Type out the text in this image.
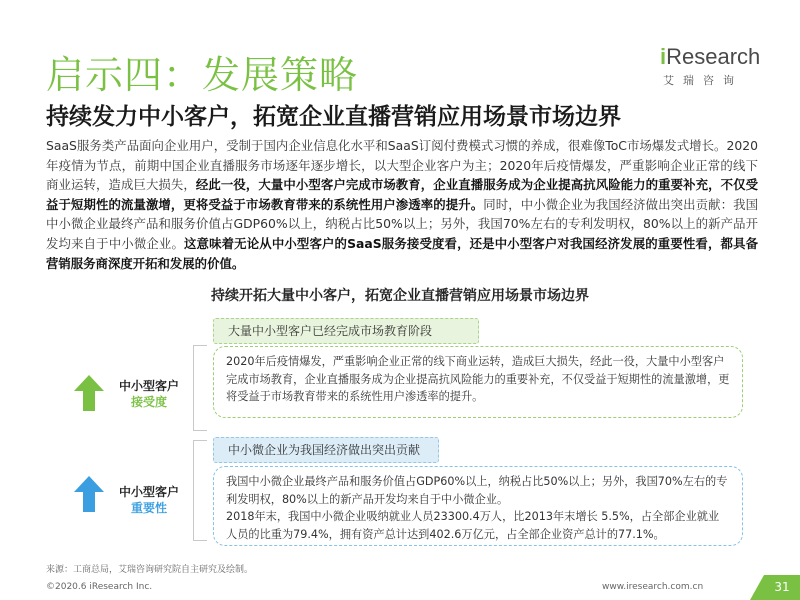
启示四：发展策略	iResearch
艾瑞咨询
持续发力中小客户，拓宽企业直播营销应用场景市场边界
SaaS服务类产品面向企业用户，受制于国内企业信息化水平和SaaS订阅付费模式习惯的养成，很难像ToC市场爆发式增长。2020年疫情为节点，前期中国企业直播服务市场逐年逐步增长，以大型企业客户为主；2020年后疫情爆发，严重影响企业正常的线下商业运转，造成巨大损失，经此一役，大量中小型客户完成市场教育，企业直播服务成为企业提高抗风险能力的重要补充，不仅受益于短期性的流量激增，更将受益于市场教育带来的系统性用户渗透率的提升。同时，中小微企业为我国经济做出突出贡献：我国中小微企业最终产品和服务价值占GDP60%以上，纳税占比50%以上；另外，我国70%左右的专利发明权，80%以上的新产品开发均来自于中小微企业。这意味着无论从中小型客户的SaaS服务接受度看，还是中小型客户对我国经济发展的重要性看，都具备营销服务商深度开拓和发展的价值。
持续开拓大量中小客户，拓宽企业直播营销应用场景市场边界
中小型客户
接受度
大量中小型客户已经完成市场教育阶段

2020年后疫情爆发，严重影响企业正常的线下商业运转，造成巨大损失，经此一役，大量中小型客户完成市场教育，企业直播服务成为企业提高抗风险能力的重要补充，不仅受益于短期性的流量激增，更将受益于市场教育带来的系统性用户渗透率的提升。

中小型客户
重要性
中小微企业为我国经济做出突出贡献

我国中小微企业最终产品和服务价值占GDP60%以上，纳税占比50%以上；另外，我国70%左右的专利发明权，80%以上的新产品开发均来自于中小微企业。

2018年末，我国中小微企业吸纳就业人员23300.4万人，比2013年末增长 5.5%，占全部企业就业人员的比重为79.4%，拥有资产总计达到402.6万亿元，占全部企业资产总计的77.1%。

来源：工商总局，艾瑞咨询研究院自主研究及绘制。
©2020.6 iResearch Inc.	www.iresearch.com.cn	31
